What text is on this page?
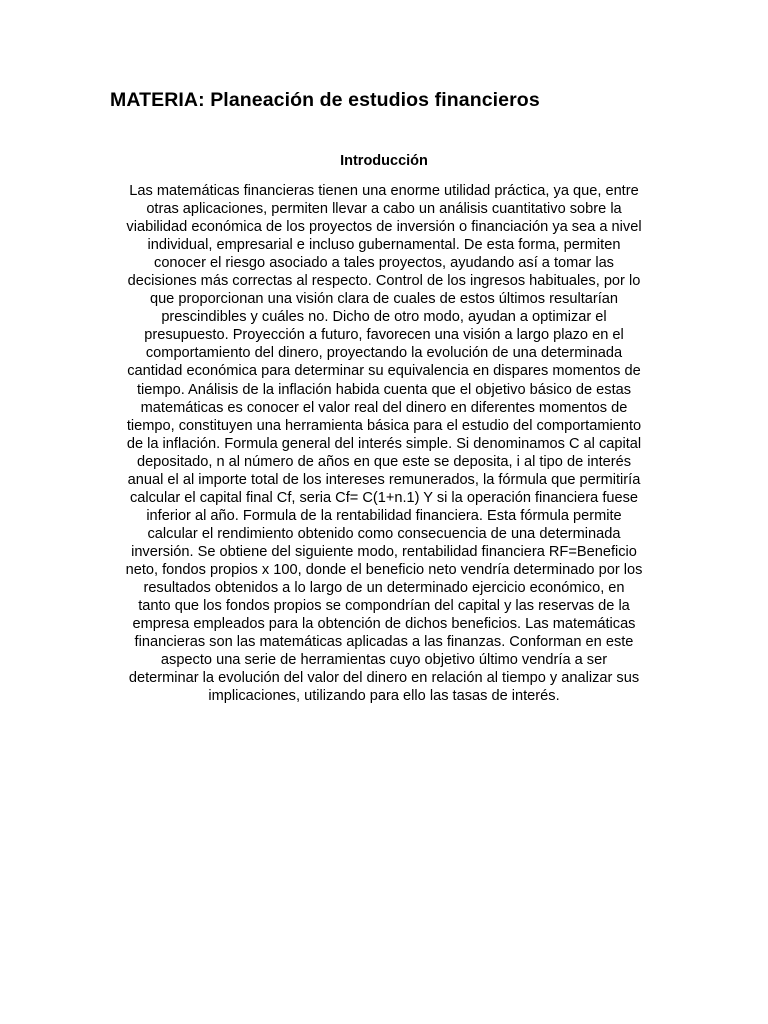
MATERIA: Planeación de estudios financieros
Introducción

Las matemáticas financieras tienen una enorme utilidad práctica, ya que, entre
otras aplicaciones, permiten llevar a cabo un análisis cuantitativo sobre la
viabilidad económica de los proyectos de inversión o financiación ya sea a nivel
individual, empresarial e incluso gubernamental. De esta forma, permiten
conocer el riesgo asociado a tales proyectos, ayudando así a tomar las
decisiones más correctas al respecto. Control de los ingresos habituales, por lo
que proporcionan una visión clara de cuales de estos últimos resultarían
prescindibles y cuáles no. Dicho de otro modo, ayudan a optimizar el
presupuesto. Proyección a futuro, favorecen una visión a largo plazo en el
comportamiento del dinero, proyectando la evolución de una determinada
cantidad económica para determinar su equivalencia en dispares momentos de
tiempo. Análisis de la inflación habida cuenta que el objetivo básico de estas
matemáticas es conocer el valor real del dinero en diferentes momentos de
tiempo, constituyen una herramienta básica para el estudio del comportamiento
de la inflación. Formula general del interés simple. Si denominamos C al capital
depositado, n al número de años en que este se deposita, i al tipo de interés
anual el al importe total de los intereses remunerados, la fórmula que permitiría
calcular el capital final Cf, seria Cf= C(1+n.1) Y si la operación financiera fuese
inferior al año. Formula de la rentabilidad financiera. Esta fórmula permite
calcular el rendimiento obtenido como consecuencia de una determinada
inversión. Se obtiene del siguiente modo, rentabilidad financiera RF=Beneficio
neto, fondos propios x 100, donde el beneficio neto vendría determinado por los
resultados obtenidos a lo largo de un determinado ejercicio económico, en
tanto que los fondos propios se compondrían del capital y las reservas de la
empresa empleados para la obtención de dichos beneficios. Las matemáticas
financieras son las matemáticas aplicadas a las finanzas. Conforman en este
aspecto una serie de herramientas cuyo objetivo último vendría a ser
determinar la evolución del valor del dinero en relación al tiempo y analizar sus
implicaciones, utilizando para ello las tasas de interés.
